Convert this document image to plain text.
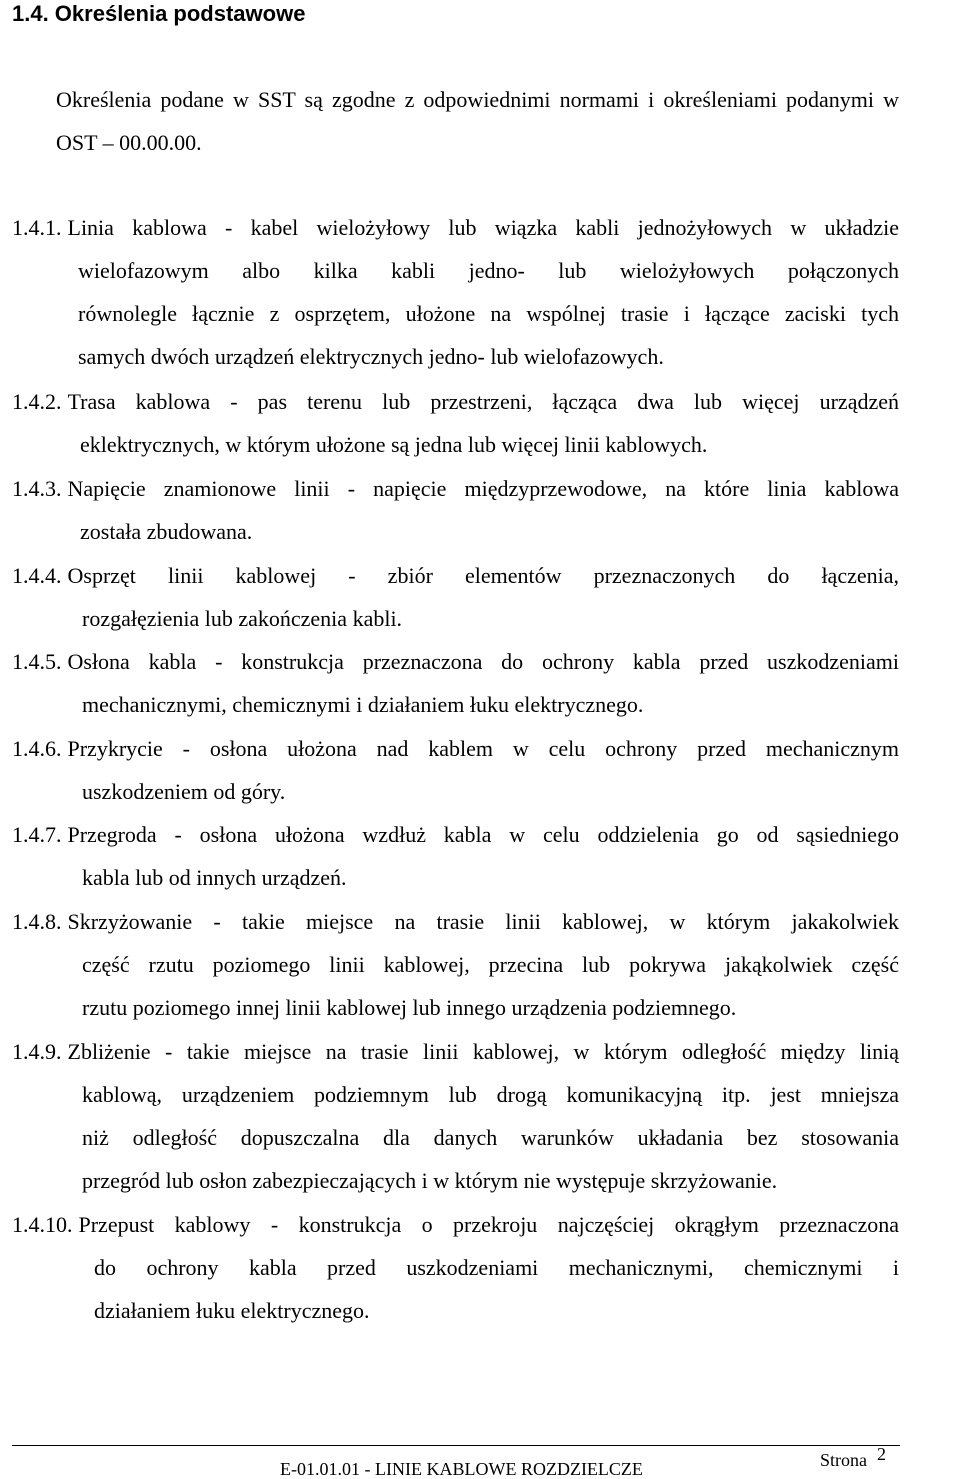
1.4. Określenia podstawowe

Określenia podane w SST są zgodne z odpowiednimi normami i określeniami podanymi w OST – 00.00.00.

1.4.1. Linia kablowa - kabel wielożyłowy lub wiązka kabli jednożyłowych w układzie
wielofazowym albo kilka kabli jedno- lub wielożyłowych połączonych
równolegle łącznie z osprzętem, ułożone na wspólnej trasie i łączące zaciski tych
samych dwóch urządzeń elektrycznych jedno- lub wielofazowych.
1.4.2. Trasa kablowa - pas terenu lub przestrzeni, łącząca dwa lub więcej urządzeń
eklektrycznych, w którym ułożone są jedna lub więcej linii kablowych.
1.4.3. Napięcie znamionowe linii - napięcie międzyprzewodowe, na które linia kablowa
została zbudowana.
1.4.4. Osprzęt linii kablowej - zbiór elementów przeznaczonych do łączenia,
rozgałęzienia lub zakończenia kabli.
1.4.5. Osłona kabla - konstrukcja przeznaczona do ochrony kabla przed uszkodzeniami
mechanicznymi, chemicznymi i działaniem łuku elektrycznego.
1.4.6. Przykrycie - osłona ułożona nad kablem w celu ochrony przed mechanicznym
uszkodzeniem od góry.
1.4.7. Przegroda - osłona ułożona wzdłuż kabla w celu oddzielenia go od sąsiedniego
kabla lub od innych urządzeń.
1.4.8. Skrzyżowanie - takie miejsce na trasie linii kablowej, w którym jakakolwiek
część rzutu poziomego linii kablowej, przecina lub pokrywa jakąkolwiek część
rzutu poziomego innej linii kablowej lub innego urządzenia podziemnego.
1.4.9. Zbliżenie - takie miejsce na trasie linii kablowej, w którym odległość między linią
kablową, urządzeniem podziemnym lub drogą komunikacyjną itp. jest mniejsza
niż odległość dopuszczalna dla danych warunków układania bez stosowania
przegród lub osłon zabezpieczających i w którym nie występuje skrzyżowanie.
1.4.10. Przepust kablowy - konstrukcja o przekroju najczęściej okrągłym przeznaczona
do ochrony kabla przed uszkodzeniami mechanicznymi, chemicznymi i
działaniem łuku elektrycznego.
E-01.01.01 - LINIE KABLOWE ROZDZIELCZE	Strona 2
